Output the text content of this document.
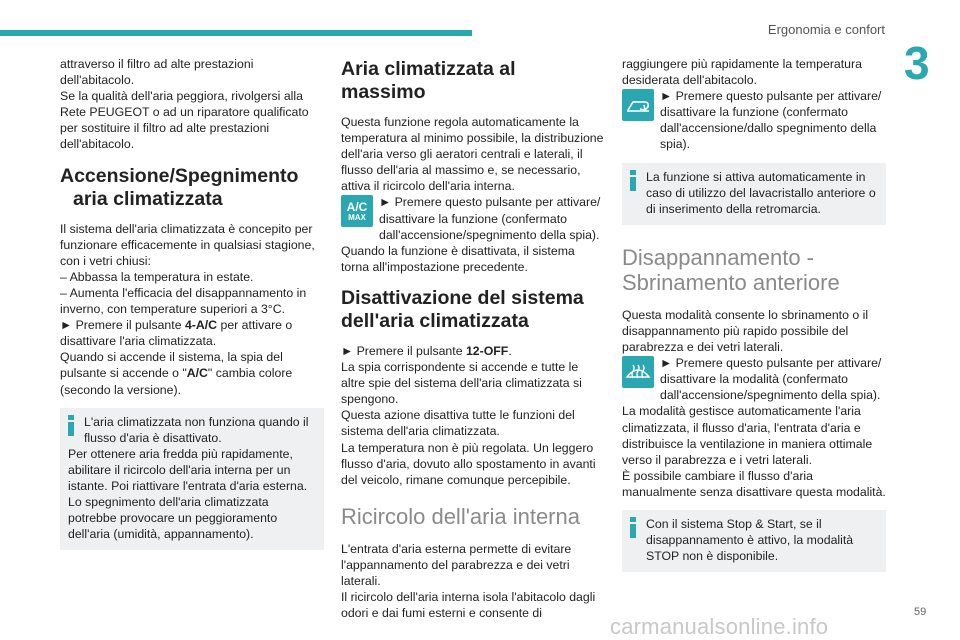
Ergonomia e confort
3
59
carmanualsonline.info

attraverso il filtro ad alte prestazioni dell'abitacolo.

Se la qualità dell'aria peggiora, rivolgersi alla Rete PEUGEOT o ad un riparatore qualificato per sostituire il filtro ad alte prestazioni dell'abitacolo.

Accensione/Spegnimento
aria climatizzata

Il sistema dell'aria climatizzata è concepito per funzionare efficacemente in qualsiasi stagione, con i vetri chiusi:

– Abbassa la temperatura in estate.

– Aumenta l'efficacia del disappannamento in inverno, con temperature superiori a 3°C.

► Premere il pulsante 4-A/C per attivare o disattivare l'aria climatizzata.

Quando si accende il sistema, la spia del pulsante si accende o "A/C" cambia colore (secondo la versione).

L'aria climatizzata non funziona quando il flusso d'aria è disattivato.

Per ottenere aria fredda più rapidamente, abilitare il ricircolo dell'aria interna per un istante. Poi riattivare l'entrata d'aria esterna.

Lo spegnimento dell'aria climatizzata potrebbe provocare un peggioramento dell'aria (umidità, appannamento).

Aria climatizzata al massimo

Questa funzione regola automaticamente la temperatura al minimo possibile, la distribuzione dell'aria verso gli aeratori centrali e laterali, il flusso dell'aria al massimo e, se necessario, attiva il ricircolo dell'aria interna.

A/C
MAX

► Premere questo pulsante per attivare/ disattivare la funzione (confermato dall'accensione/spegnimento della spia).

Quando la funzione è disattivata, il sistema torna all'impostazione precedente.

Disattivazione del sistema
dell'aria climatizzata

► Premere il pulsante 12-OFF.

La spia corrispondente si accende e tutte le altre spie del sistema dell'aria climatizzata si spengono.

Questa azione disattiva tutte le funzioni del sistema dell'aria climatizzata.

La temperatura non è più regolata. Un leggero flusso d'aria, dovuto allo spostamento in avanti del veicolo, rimane comunque percepibile.

Ricircolo dell'aria interna

L'entrata d'aria esterna permette di evitare l'appannamento del parabrezza e dei vetri laterali.

Il ricircolo dell'aria interna isola l'abitacolo dagli odori e dai fumi esterni e consente di

raggiungere più rapidamente la temperatura desiderata dell'abitacolo.

► Premere questo pulsante per attivare/ disattivare la funzione (confermato dall'accensione/dallo spegnimento della spia).

La funzione si attiva automaticamente in caso di utilizzo del lavacristallo anteriore o di inserimento della retromarcia.

Disappannamento -
Sbrinamento anteriore

Questa modalità consente lo sbrinamento o il disappannamento più rapido possibile del parabrezza e dei vetri laterali.

► Premere questo pulsante per attivare/ disattivare la modalità (confermato dall'accensione/spegnimento della spia).

La modalità gestisce automaticamente l'aria climatizzata, il flusso d'aria, l'entrata d'aria e distribuisce la ventilazione in maniera ottimale verso il parabrezza e i vetri laterali.

È possibile cambiare il flusso d'aria manualmente senza disattivare questa modalità.

Con il sistema Stop & Start, se il disappannamento è attivo, la modalità STOP non è disponibile.
